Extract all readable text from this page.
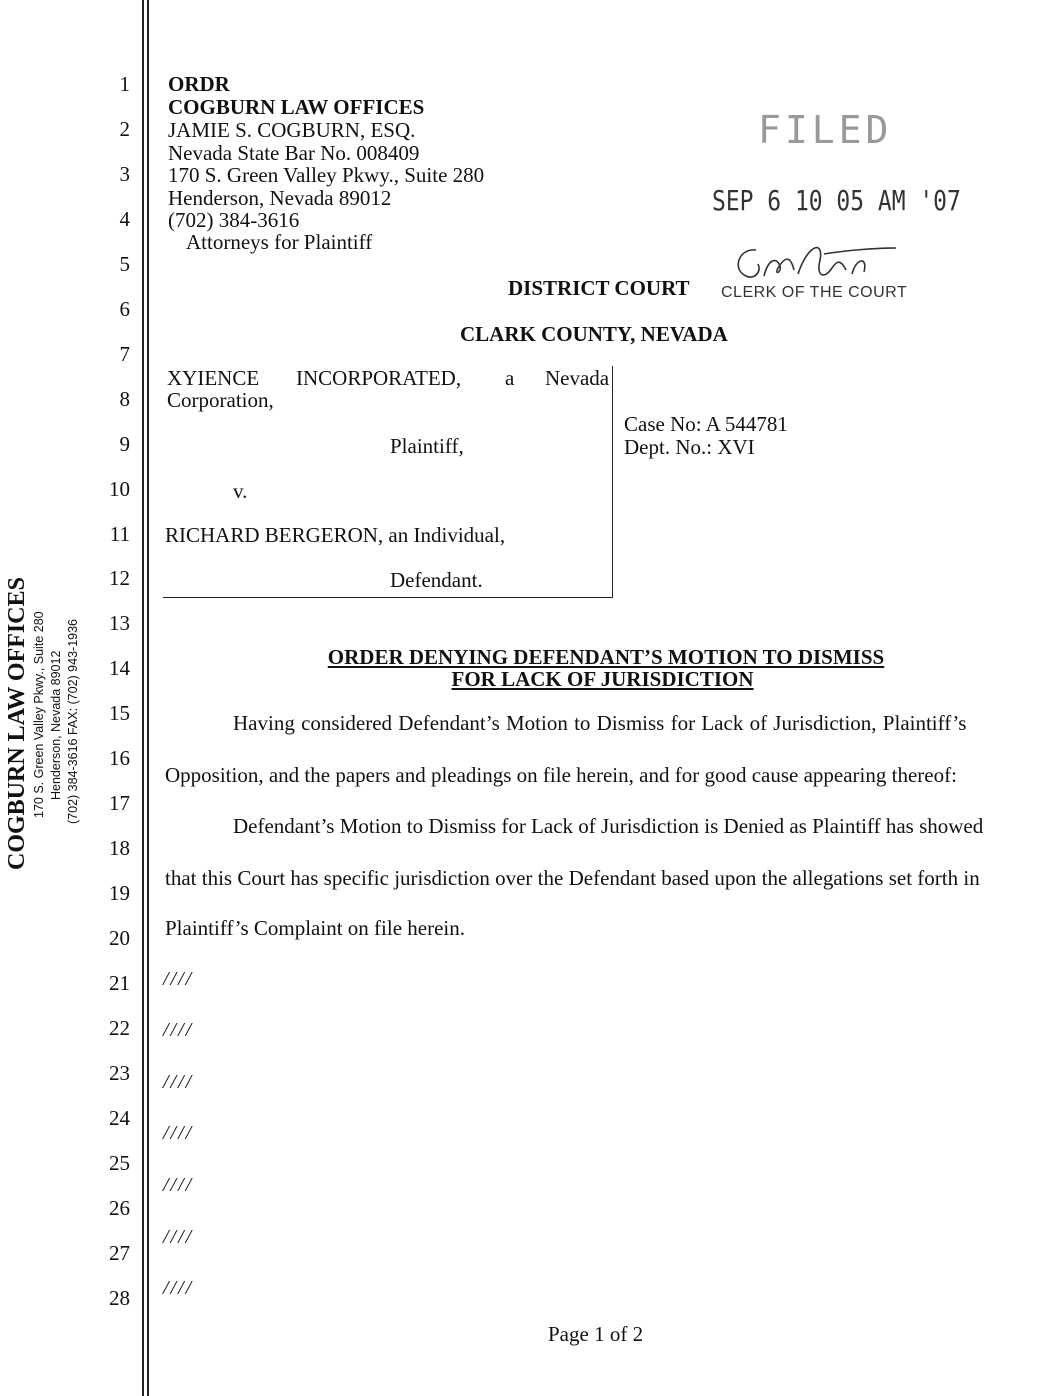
COGBURN LAW OFFICES 170 S. Green Valley Pkwy., Suite 280 Henderson, Nevada 89012 (702) 384-3616 FAX: (702) 943-1936
1
2
3
4
5
6
7
8
9
10
11
12
13
14
15
16
17
18
19
20
21
22
23
24
25
26
27
28
ORDR
COGBURN LAW OFFICES
JAMIE S. COGBURN, ESQ.
Nevada State Bar No. 008409
170 S. Green Valley Pkwy., Suite 280
Henderson, Nevada 89012
(702) 384-3616
Attorneys for Plaintiff
FILED
SEP 6 10 05 AM '07
CLERK OF THE COURT
DISTRICT COURT
CLARK COUNTY, NEVADA
XYIENCE INCORPORATED, a Nevada
Corporation,
Plaintiff,
v.
RICHARD BERGERON, an Individual,
Defendant.
Case No: A 544781
Dept. No.: XVI
ORDER DENYING DEFENDANT’S MOTION TO DISMISS
FOR LACK OF JURISDICTION
Having considered Defendant’s Motion to Dismiss for Lack of Jurisdiction, Plaintiff’s
Opposition, and the papers and pleadings on file herein, and for good cause appearing thereof:
Defendant’s Motion to Dismiss for Lack of Jurisdiction is Denied as Plaintiff has showed
that this Court has specific jurisdiction over the Defendant based upon the allegations set forth in
Plaintiff’s Complaint on file herein.
////
////
////
////
////
////
////
Page 1 of 2
